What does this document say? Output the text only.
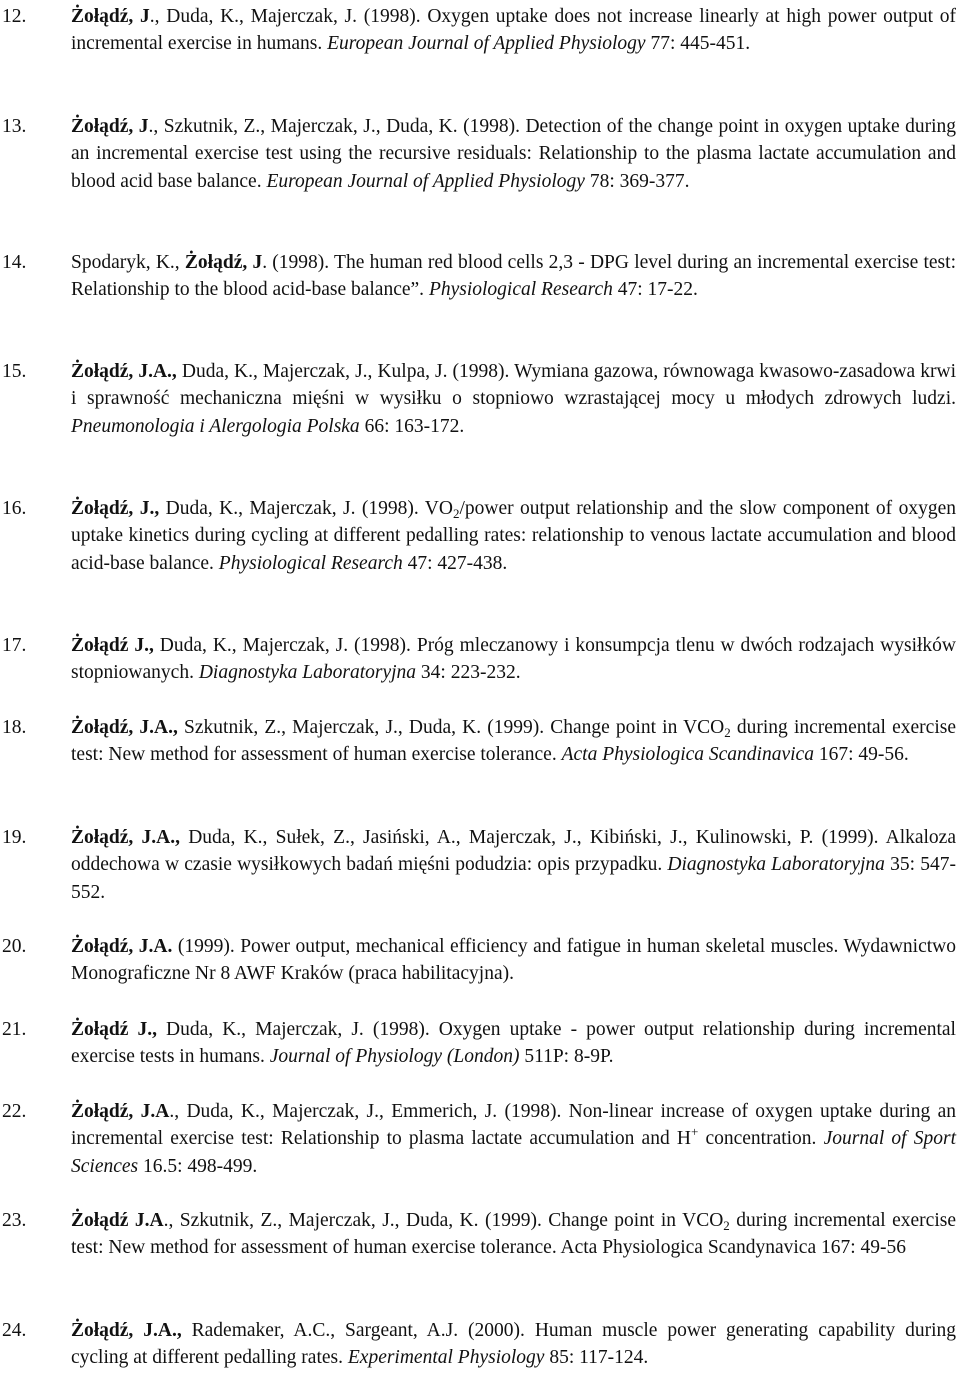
12. Żołądź, J., Duda, K., Majerczak, J. (1998). Oxygen uptake does not increase linearly at high power output of incremental exercise in humans. European Journal of Applied Physiology 77: 445-451.
13. Żołądź, J., Szkutnik, Z., Majerczak, J., Duda, K. (1998). Detection of the change point in oxygen uptake during an incremental exercise test using the recursive residuals: Relationship to the plasma lactate accumulation and blood acid base balance. European Journal of Applied Physiology 78: 369-377.
14. Spodaryk, K., Żołądź, J. (1998). The human red blood cells 2,3 - DPG level during an incremental exercise test: Relationship to the blood acid-base balance”. Physiological Research 47: 17-22.
15. Żołądź, J.A., Duda, K., Majerczak, J., Kulpa, J. (1998). Wymiana gazowa, równowaga kwasowo-zasadowa krwi i sprawność mechaniczna mięśni w wysiłku o stopniowo wzrastającej mocy u młodych zdrowych ludzi. Pneumonologia i Alergologia Polska 66: 163-172.
16. Żołądź, J., Duda, K., Majerczak, J. (1998). $VO_2$/power output relationship and the slow component of oxygen uptake kinetics during cycling at different pedalling rates: relationship to venous lactate accumulation and blood acid-base balance. Physiological Research 47: 427-438.
17. Żołądź J., Duda, K., Majerczak, J. (1998). Próg mleczanowy i konsumpcja tlenu w dwóch rodzajach wysiłków stopniowanych. Diagnostyka Laboratoryjna 34: 223-232.
18. Żołądź, J.A., Szkutnik, Z., Majerczak, J., Duda, K. (1999). Change point in $VCO_2$ during incremental exercise test: New method for assessment of human exercise tolerance. Acta Physiologica Scandinavica 167: 49-56.
19. Żołądź, J.A., Duda, K., Sułek, Z., Jasiński, A., Majerczak, J., Kibiński, J., Kulinowski, P. (1999). Alkaloza oddechowa w czasie wysiłkowych badań mięśni podudzia: opis przypadku. Diagnostyka Laboratoryjna 35: 547-552.
20. Żołądź, J.A. (1999). Power output, mechanical efficiency and fatigue in human skeletal muscles. Wydawnictwo Monograficzne Nr 8 AWF Kraków (praca habilitacyjna).
21. Żołądź J., Duda, K., Majerczak, J. (1998). Oxygen uptake - power output relationship during incremental exercise tests in humans. Journal of Physiology (London) 511P: 8-9P.
22. Żołądź, J.A., Duda, K., Majerczak, J., Emmerich, J. (1998). Non-linear increase of oxygen uptake during an incremental exercise test: Relationship to plasma lactate accumulation and H+ concentration. Journal of Sport Sciences 16.5: 498-499.
23. Żołądź J.A., Szkutnik, Z., Majerczak, J., Duda, K. (1999). Change point in $VCO_2$ during incremental exercise test: New method for assessment of human exercise tolerance. Acta Physiologica Scandynavica 167: 49-56
24. Żołądź, J.A., Rademaker, A.C., Sargeant, A.J. (2000). Human muscle power generating capability during cycling at different pedalling rates. Experimental Physiology 85: 117-124.
